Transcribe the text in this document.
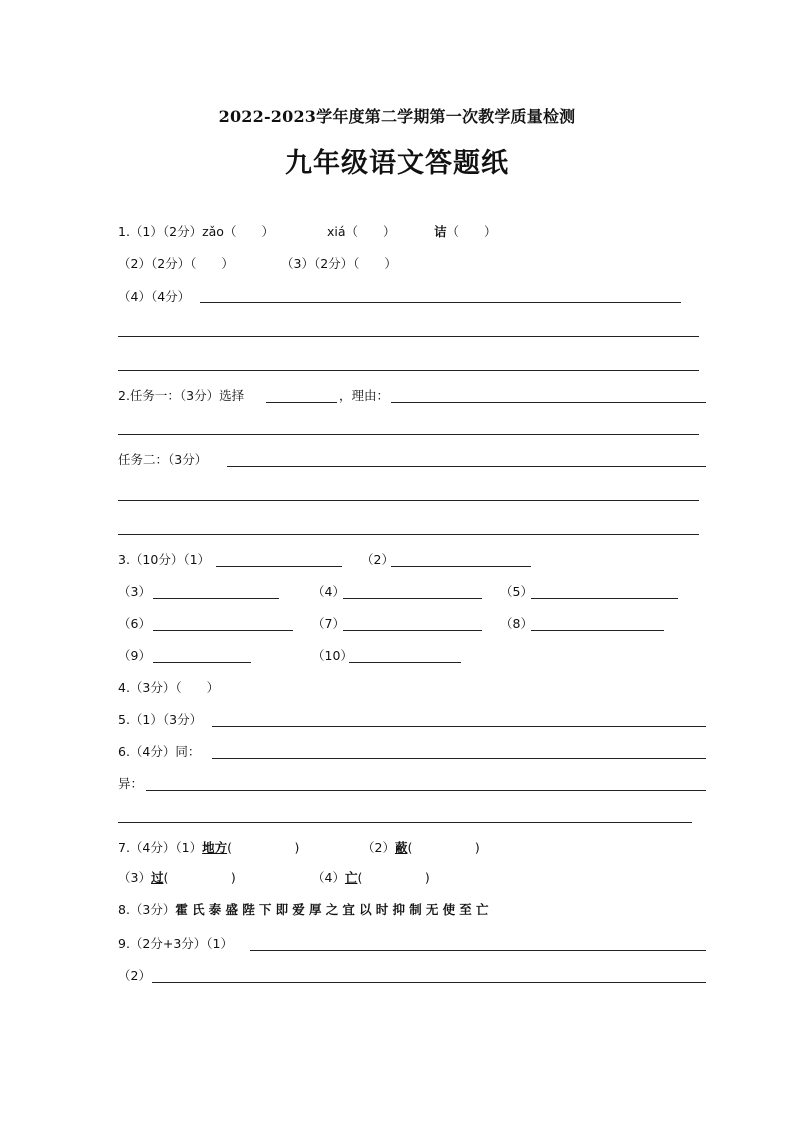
2022-2023学年度第二学期第一次教学质量检测
九年级语文答题纸
1.（1）（2分）zǎo（　　）	xiá（　　）	诘（　　）
（2）（2分）（　　）	（3）（2分）（　　）
（4）（4分）
2.任务一：（3分）选择	，理由：
任务二：（3分）
3.（10分）（1）	（2）
（3）	（4）	（5）
（6）	（7）	（8）
（9）	（10）
4.（3分）（　　）
5.（1）（3分）
6.（4分）同：
异：
7.（4分）（1）地方(　　　　　)	（2）蔽(　　　　　)
（3）过(　　　　　)	（4）亡(　　　　　)
8.（3分）霍氏泰盛陛下即爱厚之宜以时抑制无使至亡
9.（2分+3分）（1）
（2）
